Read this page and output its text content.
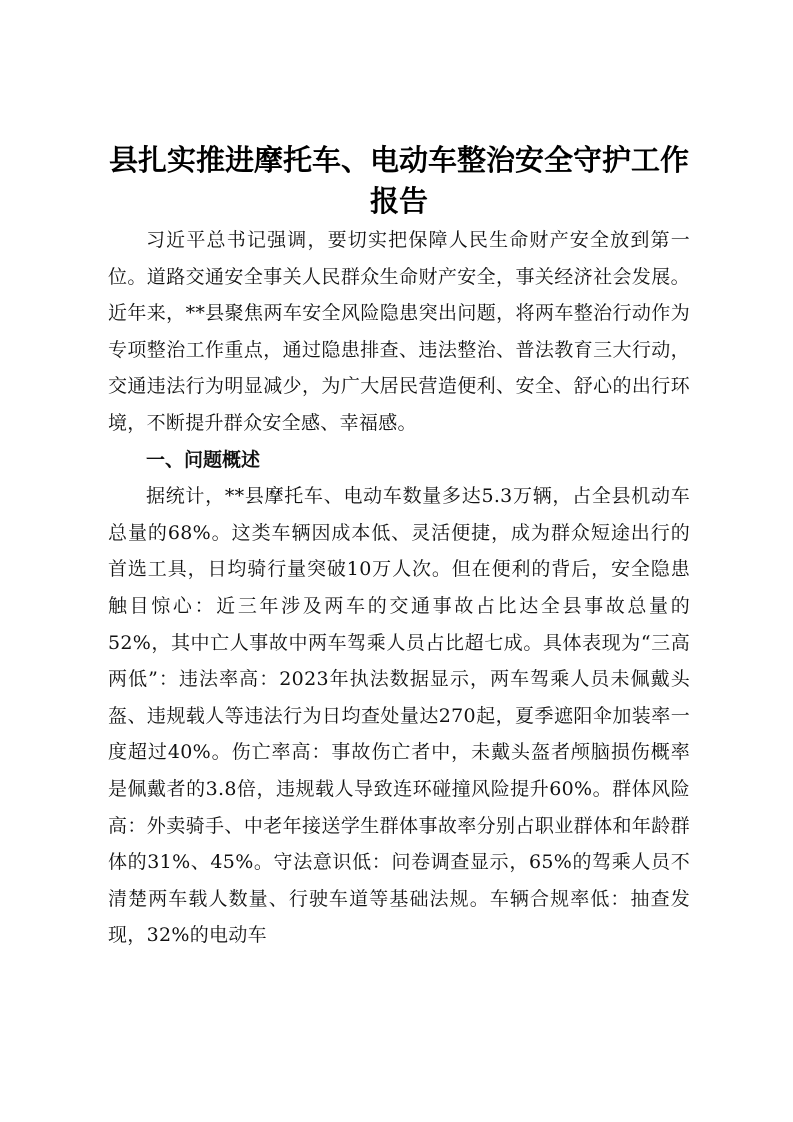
县扎实推进摩托车、电动车整治安全守护工作报告

习近平总书记强调，要切实把保障人民生命财产安全放到第一位。道路交通安全事关人民群众生命财产安全，事关经济社会发展。近年来，**县聚焦两车安全风险隐患突出问题，将两车整治行动作为专项整治工作重点，通过隐患排查、违法整治、普法教育三大行动，交通违法行为明显减少，为广大居民营造便利、安全、舒心的出行环境，不断提升群众安全感、幸福感。

一、问题概述

据统计，**县摩托车、电动车数量多达5.3万辆，占全县机动车总量的68%。这类车辆因成本低、灵活便捷，成为群众短途出行的首选工具，日均骑行量突破10万人次。但在便利的背后，安全隐患触目惊心：近三年涉及两车的交通事故占比达全县事故总量的52%，其中亡人事故中两车驾乘人员占比超七成。具体表现为“三高两低”：违法率高：2023年执法数据显示，两车驾乘人员未佩戴头盔、违规载人等违法行为日均查处量达270起，夏季遮阳伞加装率一度超过40%。伤亡率高：事故伤亡者中，未戴头盔者颅脑损伤概率是佩戴者的3.8倍，违规载人导致连环碰撞风险提升60%。群体风险高：外卖骑手、中老年接送学生群体事故率分别占职业群体和年龄群体的31%、45%。守法意识低：问卷调查显示，65%的驾乘人员不清楚两车载人数量、行驶车道等基础法规。车辆合规率低：抽查发现，32%的电动车
